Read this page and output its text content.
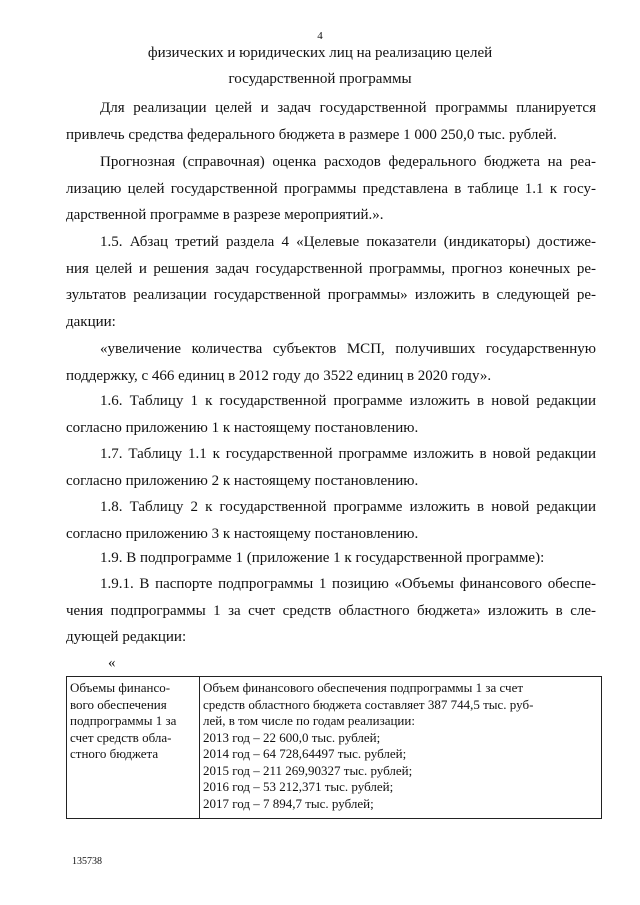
4
физических и юридических лиц на реализацию целей
государственной программы
Для реализации целей и задач государственной программы планируется
привлечь средства федерального бюджета в размере 1 000 250,0 тыс. рублей.
Прогнозная (справочная) оценка расходов федерального бюджета на реа-
лизацию целей государственной программы представлена в таблице 1.1 к госу-
дарственной программе в разрезе мероприятий.».
1.5. Абзац третий раздела 4 «Целевые показатели (индикаторы) достиже-
ния целей и решения задач государственной программы, прогноз конечных ре-
зультатов реализации государственной программы» изложить в следующей ре-
дакции:
«увеличение количества субъектов МСП, получивших государственную
поддержку, с 466 единиц в 2012 году до 3522 единиц в 2020 году».
1.6. Таблицу 1 к государственной программе изложить в новой редакции
согласно приложению 1 к настоящему постановлению.
1.7. Таблицу 1.1 к государственной программе изложить в новой редакции
согласно приложению 2 к настоящему постановлению.
1.8. Таблицу 2 к государственной программе изложить в новой редакции
согласно приложению 3 к настоящему постановлению.
1.9. В подпрограмме 1 (приложение 1 к государственной программе):
1.9.1. В паспорте подпрограммы 1 позицию «Объемы финансового обеспе-
чения подпрограммы 1 за счет средств областного бюджета» изложить в сле-
дующей редакции:
«
Объемы финансо-
вого обеспечения
подпрограммы 1 за
счет средств обла-
стного бюджета

Объем финансового обеспечения подпрограммы 1 за счет
средств областного бюджета составляет 387 744,5 тыс. руб-
лей, в том числе по годам реализации:
2013 год – 22 600,0 тыс. рублей;
2014 год – 64 728,64497 тыс. рублей;
2015 год – 211 269,90327 тыс. рублей;
2016 год – 53 212,371 тыс. рублей;
2017 год – 7 894,7 тыс. рублей;
135738
